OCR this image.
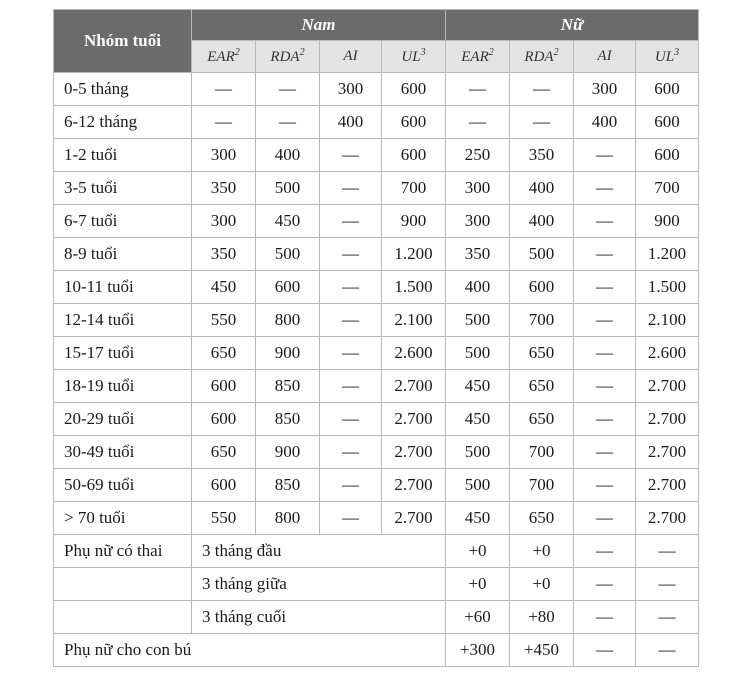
Nhóm tuổi	Nam				Nữ			
	EAR$^2$	RDA$^2$	AI	$UL^3$	EAR$^2$	RDA$^2$	AI	$UL^3$
0-5 tháng	—	—	300	600	—	—	300	600
6-12 tháng	—	—	400	600	—	—	400	600
1-2 tuổi	300	400	—	600	250	350	—	600
3-5 tuổi	350	500	—	700	300	400	—	700
6-7 tuổi	300	450	—	900	300	400	—	900
8-9 tuổi	350	500	—	1.200	350	500	—	1.200
10-11 tuổi	450	600	—	1.500	400	600	—	1.500
12-14 tuổi	550	800	—	2.100	500	700	—	2.100
15-17 tuổi	650	900	—	2.600	500	650	—	2.600
18-19 tuổi	600	850	—	2.700	450	650	—	2.700
20-29 tuổi	600	850	—	2.700	450	650	—	2.700
30-49 tuổi	650	900	—	2.700	500	700	—	2.700
50-69 tuổi	600	850	—	2.700	500	700	—	2.700
> 70 tuổi	550	800	—	2.700	450	650	—	2.700
Phụ nữ có thai	3 tháng đầu				+0	+0	—	—
	3 tháng giữa				+0	+0	—	—
	3 tháng cuối				+60	+80	—	—
Phụ nữ cho con bú					+300	+450	—	—
